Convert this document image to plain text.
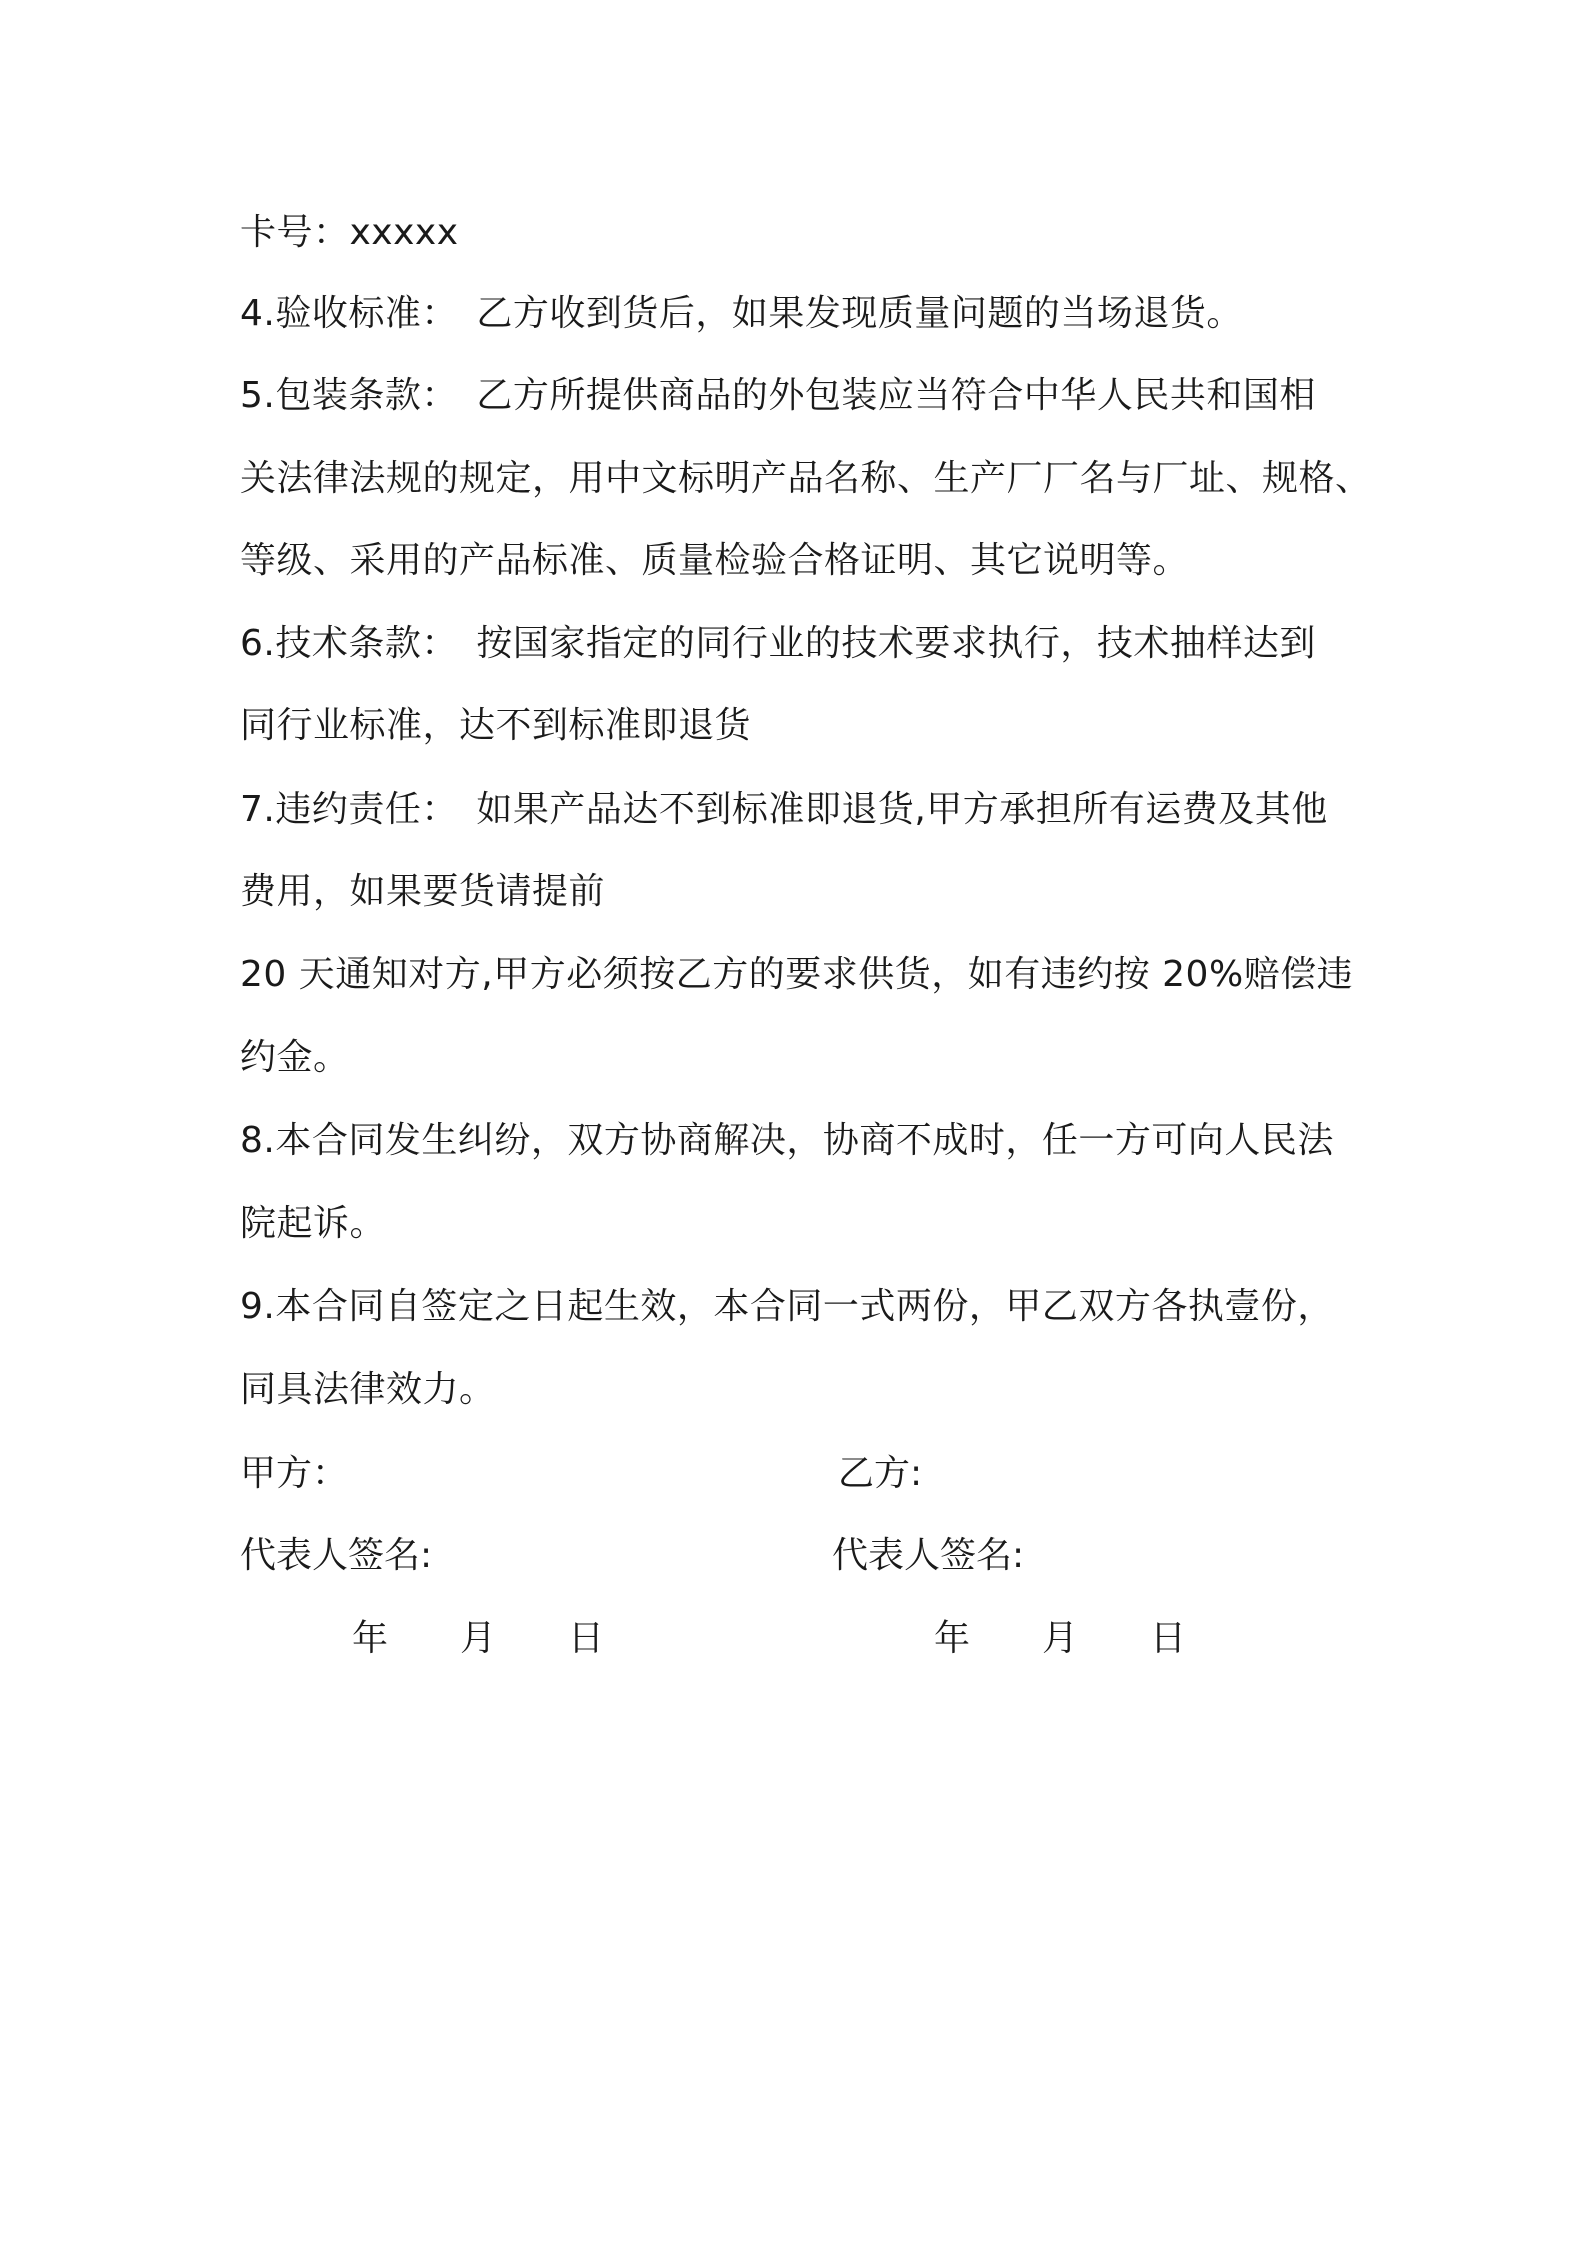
卡号：xxxxx
4.验收标准：　乙方收到货后，如果发现质量问题的当场退货。
5.包装条款：　乙方所提供商品的外包装应当符合中华人民共和国相
关法律法规的规定，用中文标明产品名称、生产厂厂名与厂址、规格、
等级、采用的产品标准、质量检验合格证明、其它说明等。
6.技术条款：　按国家指定的同行业的技术要求执行，技术抽样达到
同行业标准，达不到标准即退货
7.违约责任：　如果产品达不到标准即退货,甲方承担所有运费及其他
费用，如果要货请提前
20 天通知对方,甲方必须按乙方的要求供货，如有违约按 20%赔偿违
约金。
8.本合同发生纠纷，双方协商解决，协商不成时，任一方可向人民法
院起诉。
9.本合同自签定之日起生效，本合同一式两份，甲乙双方各执壹份，
同具法律效力。
甲方：	乙方:
代表人签名:	代表人签名:
年　　月　　日	年　　月　　日
